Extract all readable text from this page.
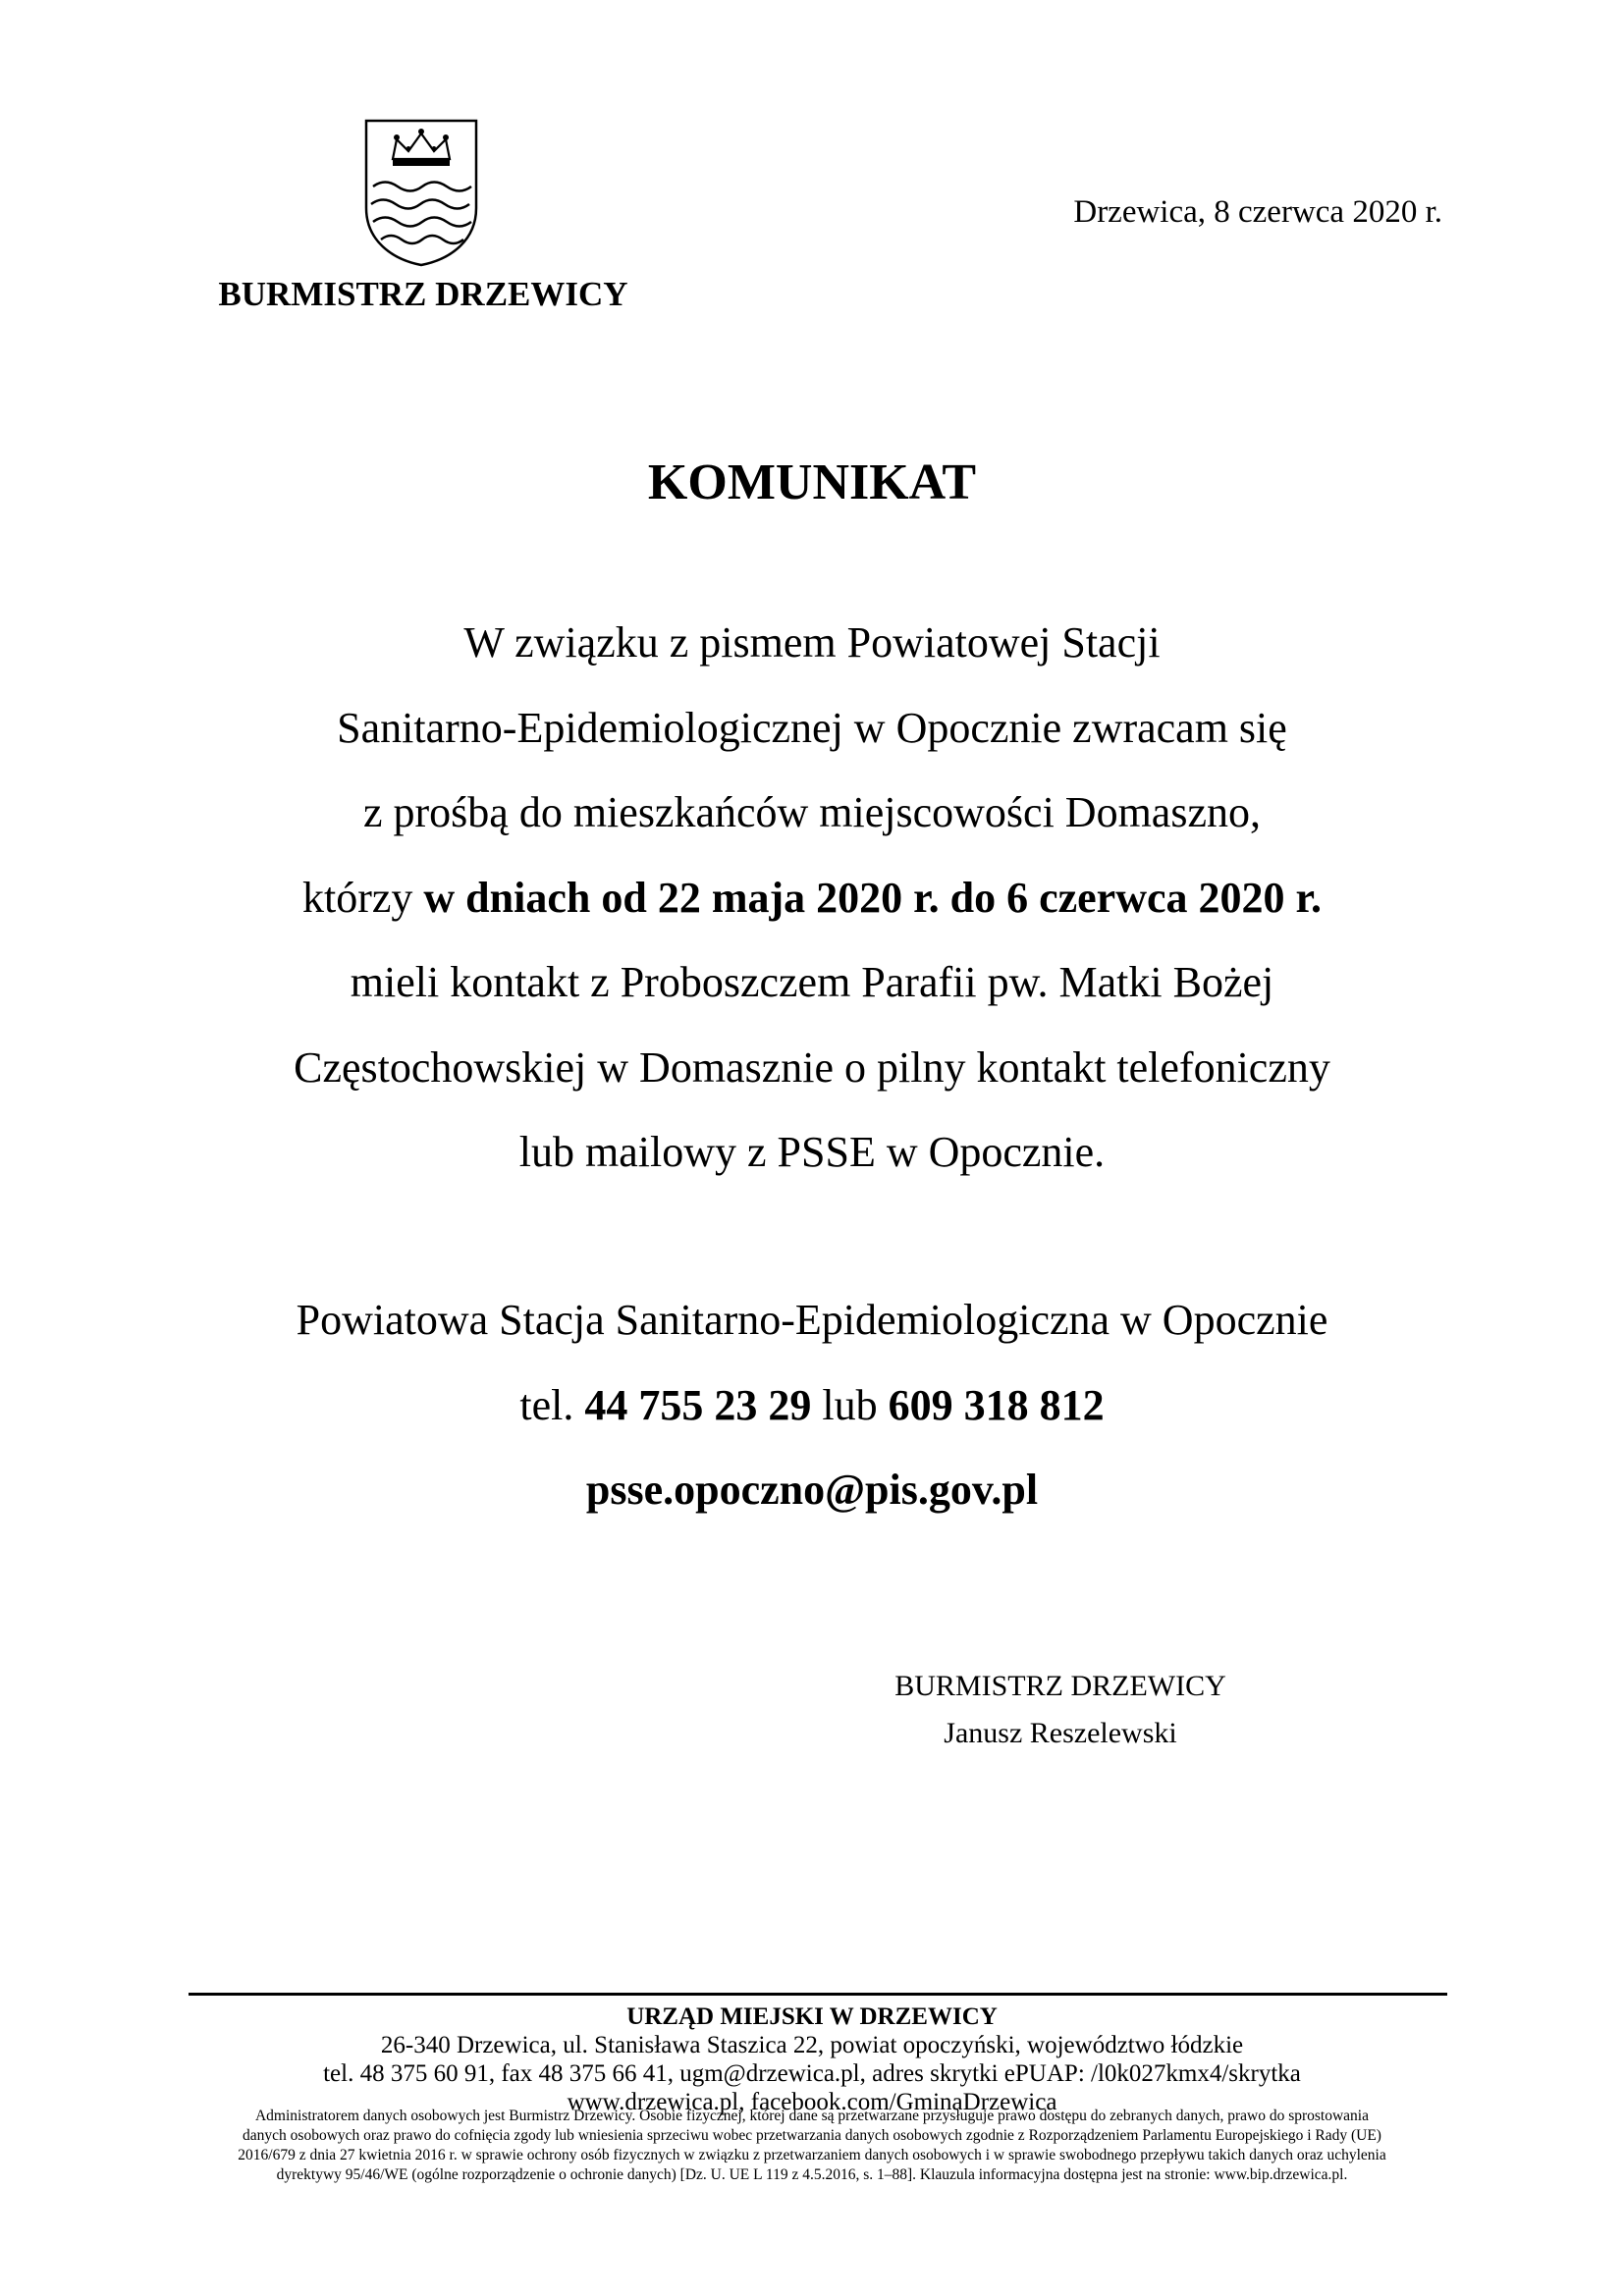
BURMISTRZ DRZEWICY
Drzewica, 8 czerwca 2020 r.
KOMUNIKAT
W związku z pismem Powiatowej Stacji
Sanitarno-Epidemiologicznej w Opocznie zwracam się
z prośbą do mieszkańców miejscowości Domaszno,
którzy w dniach od 22 maja 2020 r. do 6 czerwca 2020 r.
mieli kontakt z Proboszczem Parafii pw. Matki Bożej
Częstochowskiej w Domasznie o pilny kontakt telefoniczny
lub mailowy z PSSE w Opocznie.
Powiatowa Stacja Sanitarno-Epidemiologiczna w Opocznie
tel. 44 755 23 29 lub 609 318 812
psse.opoczno@pis.gov.pl
BURMISTRZ DRZEWICY
Janusz Reszelewski
URZĄD MIEJSKI W DRZEWICY
26-340 Drzewica, ul. Stanisława Staszica 22, powiat opoczyński, województwo łódzkie
tel. 48 375 60 91, fax 48 375 66 41, ugm@drzewica.pl, adres skrytki ePUAP: /l0k027kmx4/skrytka
www.drzewica.pl, facebook.com/GminaDrzewica
Administratorem danych osobowych jest Burmistrz Drzewicy. Osobie fizycznej, której dane są przetwarzane przysługuje prawo dostępu do zebranych danych, prawo do sprostowania
danych osobowych oraz prawo do cofnięcia zgody lub wniesienia sprzeciwu wobec przetwarzania danych osobowych zgodnie z Rozporządzeniem Parlamentu Europejskiego i Rady (UE)
2016/679 z dnia 27 kwietnia 2016 r. w sprawie ochrony osób fizycznych w związku z przetwarzaniem danych osobowych i w sprawie swobodnego przepływu takich danych oraz uchylenia
dyrektywy 95/46/WE (ogólne rozporządzenie o ochronie danych) [Dz. U. UE L 119 z 4.5.2016, s. 1–88]. Klauzula informacyjna dostępna jest na stronie: www.bip.drzewica.pl.
